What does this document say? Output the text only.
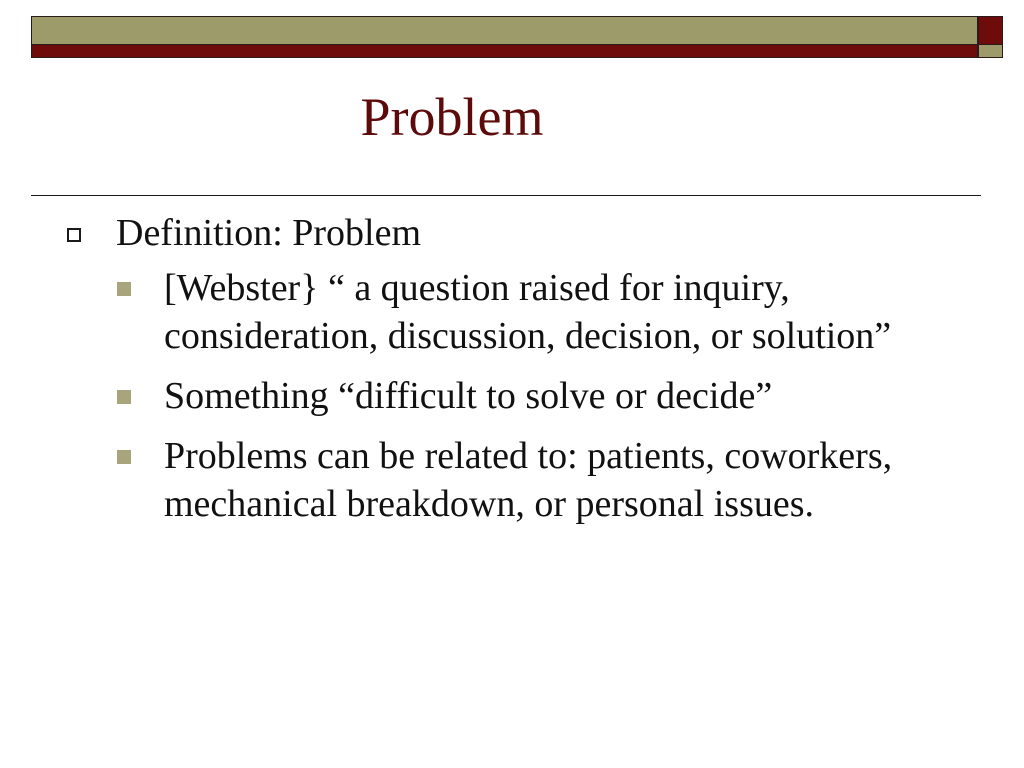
Problem
Definition: Problem
[Webster} “ a question raised for inquiry, consideration, discussion, decision, or solution”
Something “difficult to solve or decide”
Problems can be related to: patients, coworkers, mechanical breakdown, or personal issues.
